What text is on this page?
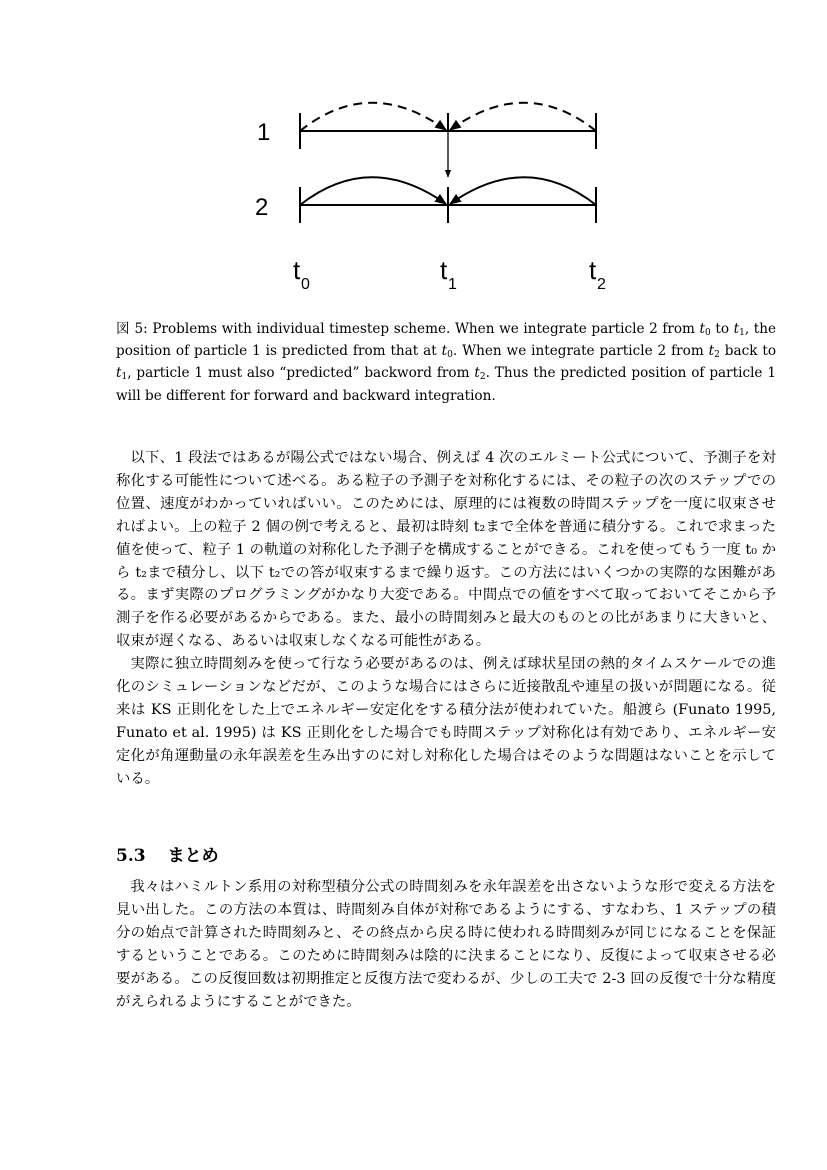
1
2
t 0	t 1	t 2
図 5: Problems with individual timestep scheme. When we integrate particle 2 from $t_0$ to $t_1$, the position of particle 1 is predicted from that at $t_0$. When we integrate particle 2 from $t_2$ back to $t_1$, particle 1 must also “predicted” backword from $t_2$. Thus the predicted position of particle 1 will be different for forward and backward integration.

以下、1 段法ではあるが陽公式ではない場合、例えば 4 次のエルミート公式について、予測子を対称化する可能性について述べる。ある粒子の予測子を対称化するには、その粒子の次のステップでの位置、速度がわかっていればいい。このためには、原理的には複数の時間ステップを一度に収束させればよい。上の粒子 2 個の例で考えると、最初は時刻 t₂まで全体を普通に積分する。これで求まった値を使って、粒子 1 の軌道の対称化した予測子を構成することができる。これを使ってもう一度 t₀ から t₂まで積分し、以下 t₂での答が収束するまで繰り返す。この方法にはいくつかの実際的な困難がある。まず実際のプログラミングがかなり大変である。中間点での値をすべて取っておいてそこから予測子を作る必要があるからである。また、最小の時間刻みと最大のものとの比があまりに大きいと、収束が遅くなる、あるいは収束しなくなる可能性がある。

実際に独立時間刻みを使って行なう必要があるのは、例えば球状星団の熱的タイムスケールでの進化のシミュレーションなどだが、このような場合にはさらに近接散乱や連星の扱いが問題になる。従来は KS 正則化をした上でエネルギー安定化をする積分法が使われていた。船渡ら (Funato 1995, Funato et al. 1995) は KS 正則化をした場合でも時間ステップ対称化は有効であり、エネルギー安定化が角運動量の永年誤差を生み出すのに対し対称化した場合はそのような問題はないことを示している。

5.3 まとめ

我々はハミルトン系用の対称型積分公式の時間刻みを永年誤差を出さないような形で変える方法を見い出した。この方法の本質は、時間刻み自体が対称であるようにする、すなわち、1 ステップの積分の始点で計算された時間刻みと、その終点から戻る時に使われる時間刻みが同じになることを保証するということである。このために時間刻みは陰的に決まることになり、反復によって収束させる必要がある。この反復回数は初期推定と反復方法で変わるが、少しの工夫で 2-3 回の反復で十分な精度がえられるようにすることができた。
